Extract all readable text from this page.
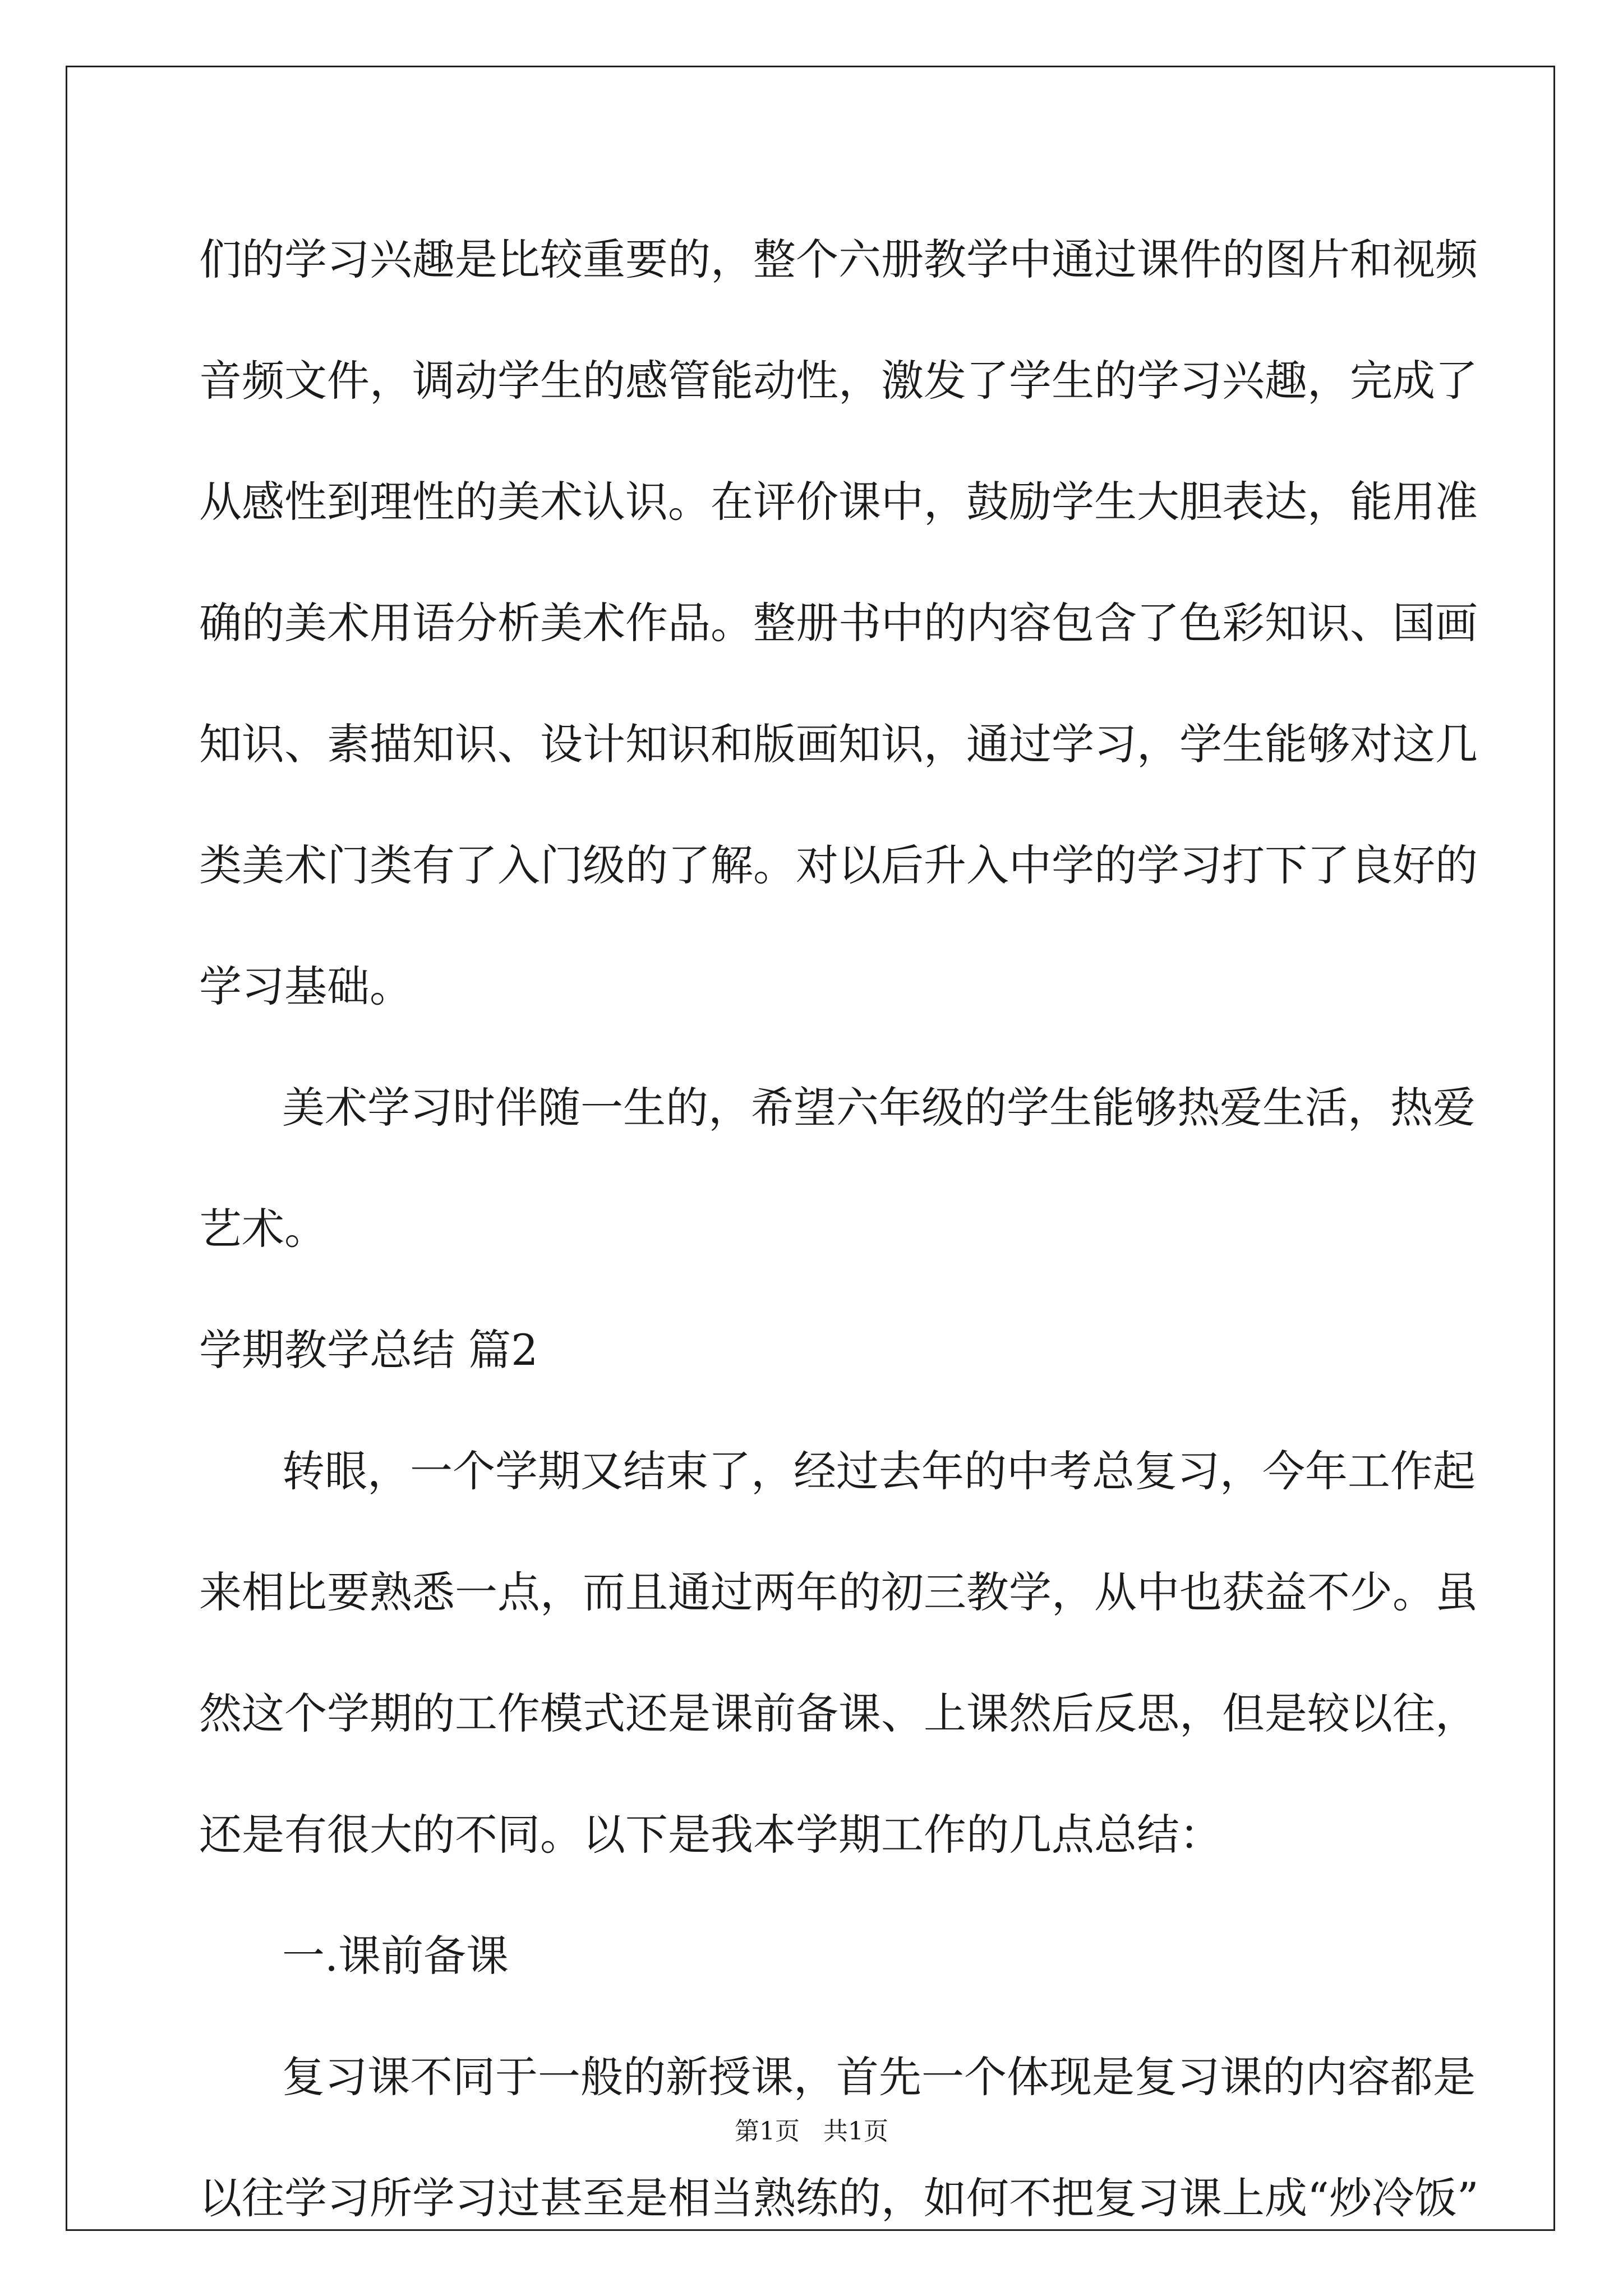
们的学习兴趣是比较重要的，整个六册教学中通过课件的图片和视频
音频文件，调动学生的感管能动性，激发了学生的学习兴趣，完成了
从感性到理性的美术认识。在评价课中，鼓励学生大胆表达，能用准
确的美术用语分析美术作品。整册书中的内容包含了色彩知识、国画
知识、素描知识、设计知识和版画知识，通过学习，学生能够对这几
类美术门类有了入门级的了解。对以后升入中学的学习打下了良好的
学习基础。
美术学习时伴随一生的，希望六年级的学生能够热爱生活，热爱
艺术。
学期教学总结 篇2
转眼，一个学期又结束了，经过去年的中考总复习，今年工作起
来相比要熟悉一点，而且通过两年的初三教学，从中也获益不少。虽
然这个学期的工作模式还是课前备课、上课然后反思，但是较以往，
还是有很大的不同。以下是我本学期工作的几点总结：
一.课前备课
复习课不同于一般的新授课，首先一个体现是复习课的内容都是
以往学习所学习过甚至是相当熟练的，如何不把复习课上成“炒冷饭”
第1页   共1页
